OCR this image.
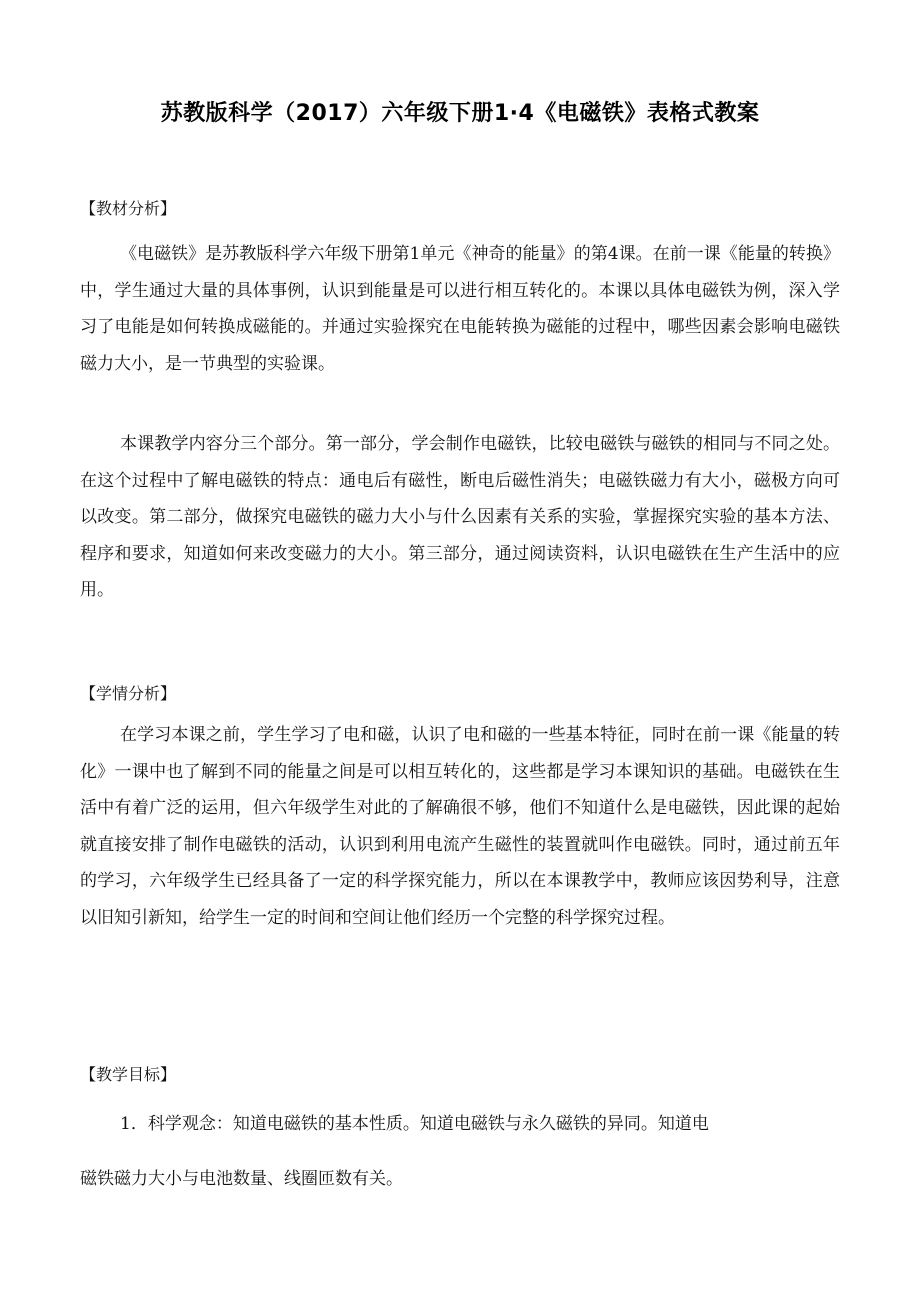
苏教版科学（2017）六年级下册1·4《电磁铁》表格式教案
【教材分析】
《电磁铁》是苏教版科学六年级下册第1单元《神奇的能量》的第4课。在前一课《能量的转换》中，学生通过大量的具体事例，认识到能量是可以进行相互转化的。本课以具体电磁铁为例，深入学习了电能是如何转换成磁能的。并通过实验探究在电能转换为磁能的过程中，哪些因素会影响电磁铁磁力大小，是一节典型的实验课。
本课教学内容分三个部分。第一部分，学会制作电磁铁，比较电磁铁与磁铁的相同与不同之处。在这个过程中了解电磁铁的特点：通电后有磁性，断电后磁性消失；电磁铁磁力有大小，磁极方向可以改变。第二部分，做探究电磁铁的磁力大小与什么因素有关系的实验，掌握探究实验的基本方法、程序和要求，知道如何来改变磁力的大小。第三部分，通过阅读资料，认识电磁铁在生产生活中的应用。
【学情分析】
在学习本课之前，学生学习了电和磁，认识了电和磁的一些基本特征，同时在前一课《能量的转化》一课中也了解到不同的能量之间是可以相互转化的，这些都是学习本课知识的基础。电磁铁在生活中有着广泛的运用，但六年级学生对此的了解确很不够，他们不知道什么是电磁铁，因此课的起始就直接安排了制作电磁铁的活动，认识到利用电流产生磁性的装置就叫作电磁铁。同时，通过前五年的学习，六年级学生已经具备了一定的科学探究能力，所以在本课教学中，教师应该因势利导，注意以旧知引新知，给学生一定的时间和空间让他们经历一个完整的科学探究过程。
【教学目标】
1．科学观念：知道电磁铁的基本性质。知道电磁铁与永久磁铁的异同。知道电
磁铁磁力大小与电池数量、线圈匝数有关。
